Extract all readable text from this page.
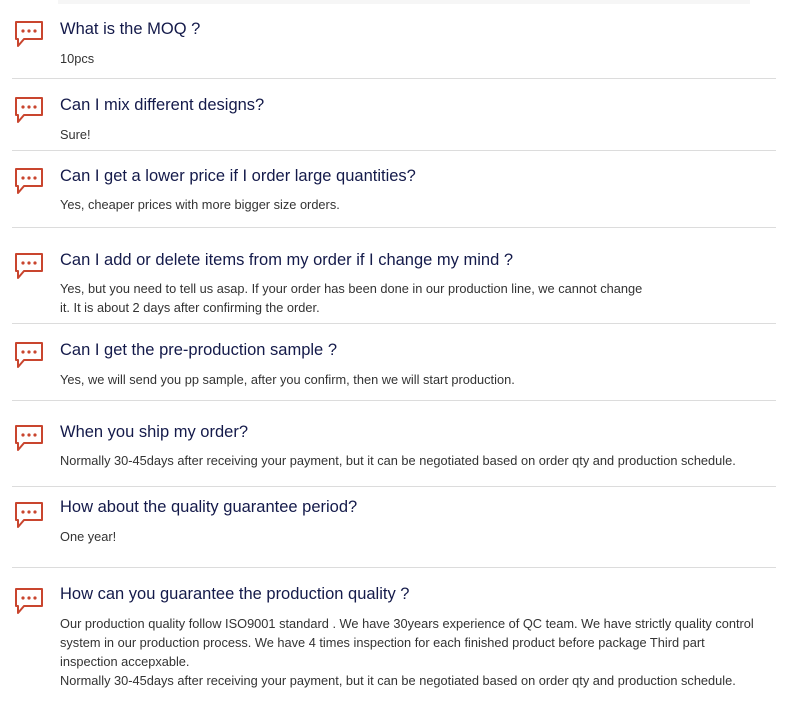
What is the MOQ ?

10pcs

Can I mix different designs?

Sure!

Can I get a lower price if I order large quantities?

Yes, cheaper prices with more bigger size orders.

Can I add or delete items from my order if I change my mind ?

Yes, but you need to tell us asap. If your order has been done in our production line, we cannot change
it. It is about 2 days after confirming the order.

Can I get the pre-production sample ?

Yes, we will send you pp sample, after you confirm, then we will start production.

When you ship my order?

Normally 30-45days after receiving your payment, but it can be negotiated based on order qty and production schedule.

How about the quality guarantee period?

One year!

How can you guarantee the production quality ?

Our production quality follow ISO9001 standard . We have 30years experience of QC team. We have strictly quality control
system in our production process. We have 4 times inspection for each finished product before package Third part
inspection accepxable.
Normally 30-45days after receiving your payment, but it can be negotiated based on order qty and production schedule.
